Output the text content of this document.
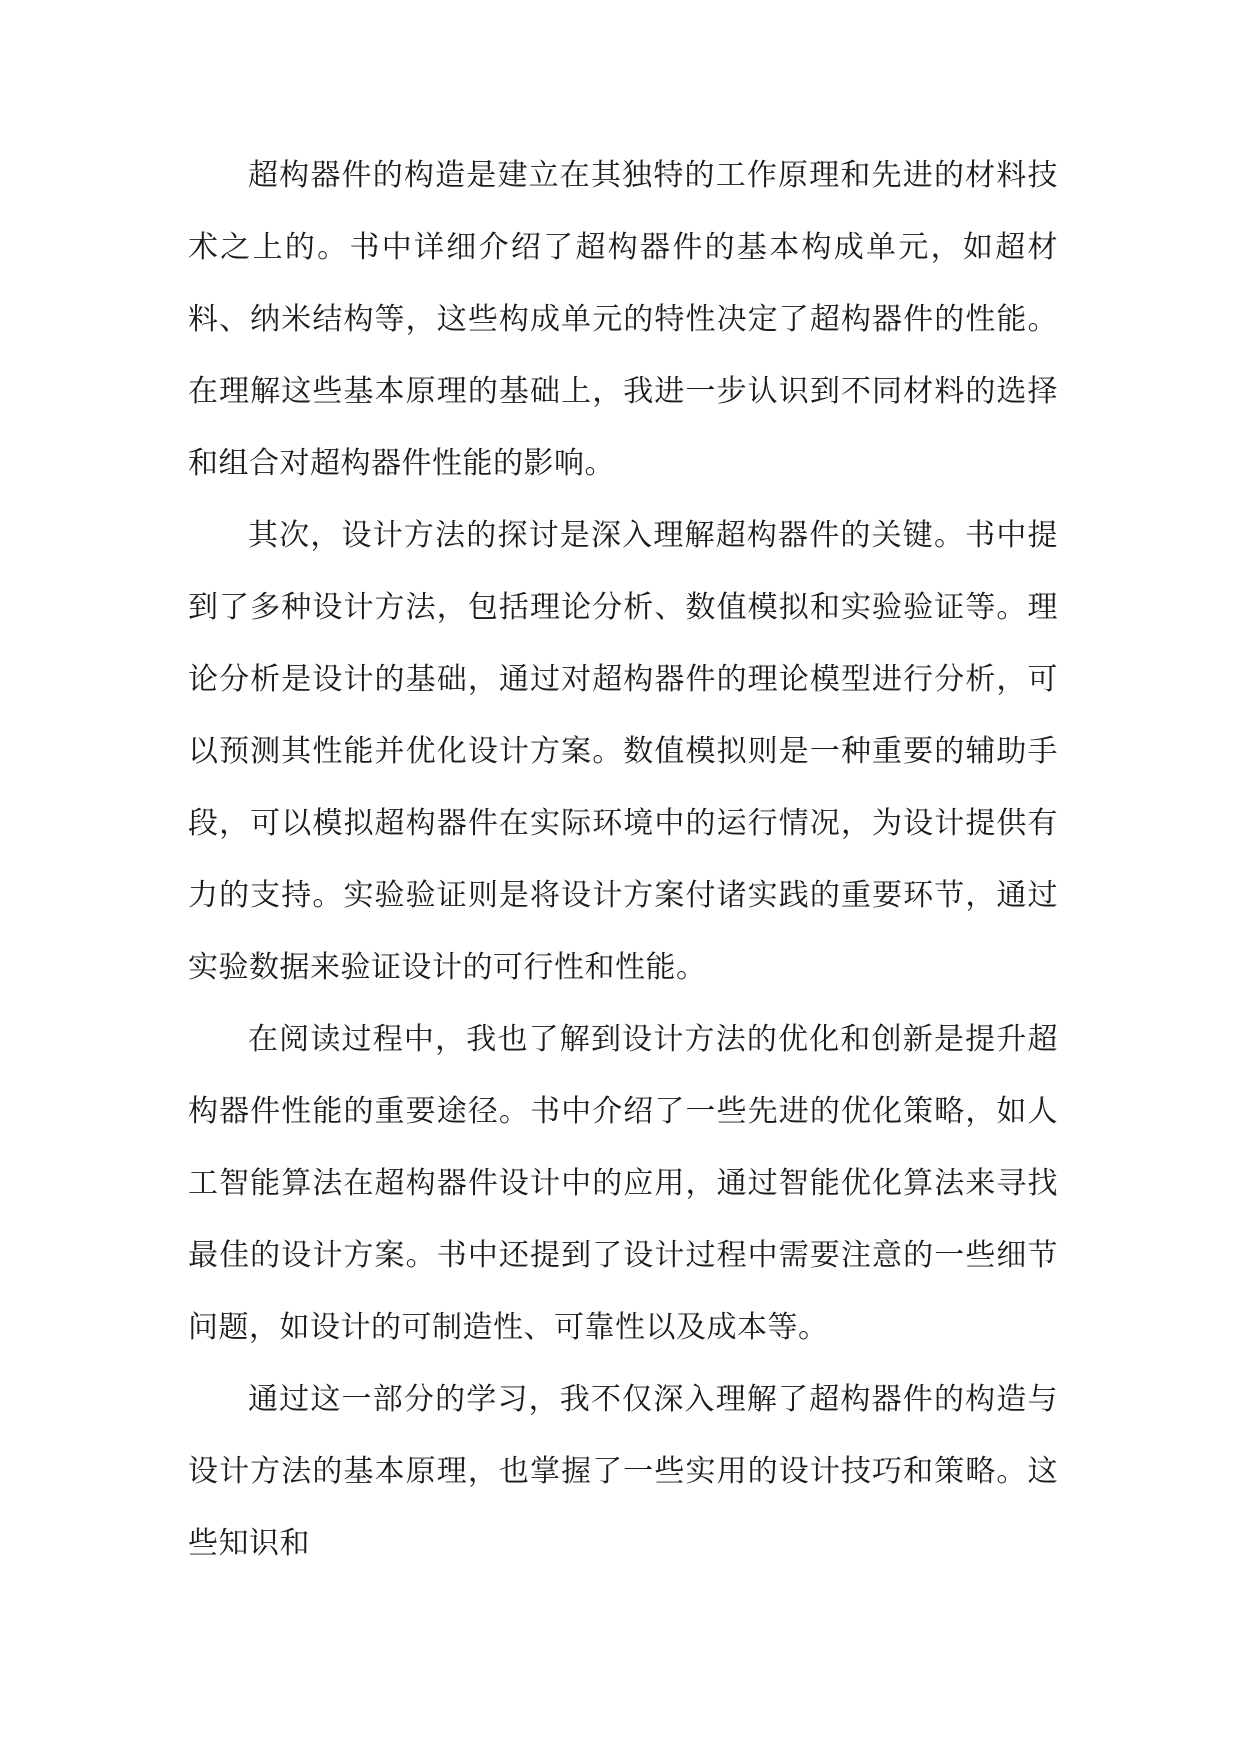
超构器件的构造是建立在其独特的工作原理和先进的材料技术之上的。书中详细介绍了超构器件的基本构成单元，如超材料、纳米结构等，这些构成单元的特性决定了超构器件的性能。在理解这些基本原理的基础上，我进一步认识到不同材料的选择和组合对超构器件性能的影响。

其次，设计方法的探讨是深入理解超构器件的关键。书中提到了多种设计方法，包括理论分析、数值模拟和实验验证等。理论分析是设计的基础，通过对超构器件的理论模型进行分析，可以预测其性能并优化设计方案。数值模拟则是一种重要的辅助手段，可以模拟超构器件在实际环境中的运行情况，为设计提供有力的支持。实验验证则是将设计方案付诸实践的重要环节，通过实验数据来验证设计的可行性和性能。

在阅读过程中，我也了解到设计方法的优化和创新是提升超构器件性能的重要途径。书中介绍了一些先进的优化策略，如人工智能算法在超构器件设计中的应用，通过智能优化算法来寻找最佳的设计方案。书中还提到了设计过程中需要注意的一些细节问题，如设计的可制造性、可靠性以及成本等。

通过这一部分的学习，我不仅深入理解了超构器件的构造与设计方法的基本原理，也掌握了一些实用的设计技巧和策略。这些知识和
